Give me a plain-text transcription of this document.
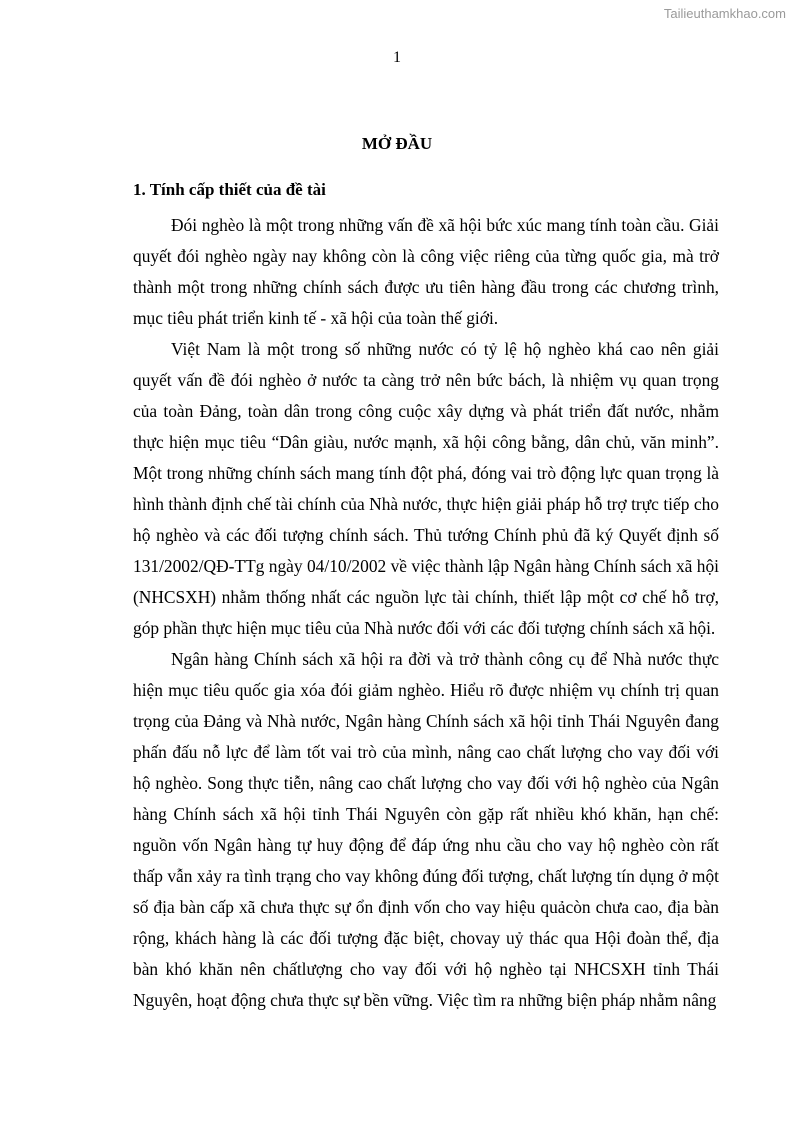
Tailieuthamkhao.com
1
MỞ ĐẦU
1. Tính cấp thiết của đề tài

Đói nghèo là một trong những vấn đề xã hội bức xúc mang tính toàn cầu. Giải quyết đói nghèo ngày nay không còn là công việc riêng của từng quốc gia, mà trở thành một trong những chính sách được ưu tiên hàng đầu trong các chương trình, mục tiêu phát triển kinh tế - xã hội của toàn thế giới.

Việt Nam là một trong số những nước có tỷ lệ hộ nghèo khá cao nên giải quyết vấn đề đói nghèo ở nước ta càng trở nên bức bách, là nhiệm vụ quan trọng của toàn Đảng, toàn dân trong công cuộc xây dựng và phát triển đất nước, nhằm thực hiện mục tiêu “Dân giàu, nước mạnh, xã hội công bằng, dân chủ, văn minh”. Một trong những chính sách mang tính đột phá, đóng vai trò động lực quan trọng là hình thành định chế tài chính của Nhà nước, thực hiện giải pháp hỗ trợ trực tiếp cho hộ nghèo và các đối tượng chính sách. Thủ tướng Chính phủ đã ký Quyết định số 131/2002/QĐ-TTg ngày 04/10/2002 về việc thành lập Ngân hàng Chính sách xã hội (NHCSXH) nhằm thống nhất các nguồn lực tài chính, thiết lập một cơ chế hỗ trợ, góp phần thực hiện mục tiêu của Nhà nước đối với các đối tượng chính sách xã hội.

Ngân hàng Chính sách xã hội ra đời và trở thành công cụ để Nhà nước thực hiện mục tiêu quốc gia xóa đói giảm nghèo. Hiểu rõ được nhiệm vụ chính trị quan trọng của Đảng và Nhà nước, Ngân hàng Chính sách xã hội tỉnh Thái Nguyên đang phấn đấu nỗ lực để làm tốt vai trò của mình, nâng cao chất lượng cho vay đối với hộ nghèo. Song thực tiễn, nâng cao chất lượng cho vay đối với hộ nghèo của Ngân hàng Chính sách xã hội tỉnh Thái Nguyên còn gặp rất nhiều khó khăn, hạn chế: nguồn vốn Ngân hàng tự huy động để đáp ứng nhu cầu cho vay hộ nghèo còn rất thấp vẫn xảy ra tình trạng cho vay không đúng đối tượng, chất lượng tín dụng ở một số địa bàn cấp xã chưa thực sự ổn định vốn cho vay hiệu quảcòn chưa cao, địa bàn rộng, khách hàng là các đối tượng đặc biệt, chovay uỷ thác qua Hội đoàn thể, địa bàn khó khăn nên chấtlượng cho vay đối với hộ nghèo tại NHCSXH tỉnh Thái Nguyên, hoạt động chưa thực sự bền vững. Việc tìm ra những biện pháp nhằm nâng
